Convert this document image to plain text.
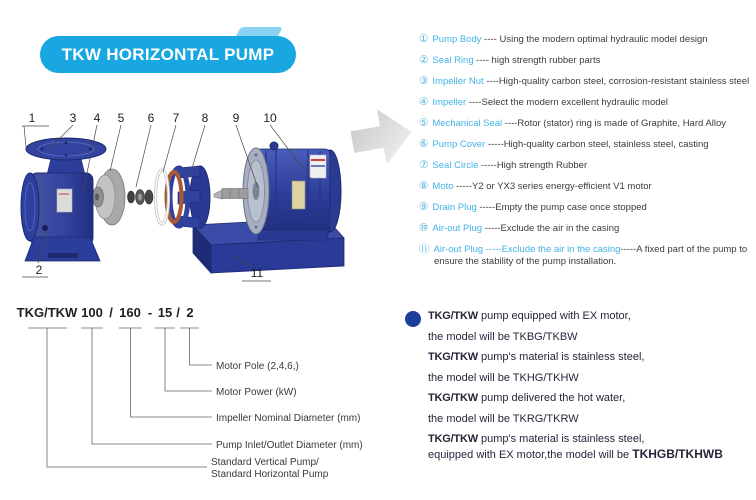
TKW HORIZONTAL PUMP
1	3 4 5 6 7 8 9 10
2	11
① Pump Body ---- Using the modern optimal hydraulic model design
② Seal Ring ---- high strength rubber parts
③ Impeller Nut ----High-quality carbon steel, corrosion-resistant stainless steel
④ Impeller ----Select the modern excellent hydraulic model
⑤ Mechanical Seal ----Rotor (stator) ring is made of Graphite, Hard Alloy
⑥ Pump Cover -----High-quality carbon steel, stainless steel, casting
⑦ Seal Circle -----High strength Rubber
⑧ Moto -----Y2 or YX3 series energy-efficient V1 motor
⑨ Drain Plug -----Empty the pump case once stopped
⑩ Air-out Plug -----Exclude the air in the casing
⑪ Air-out Plug -----Exclude the air in the casing-----A fixed part of the pump to
ensure the stability of the pump installation.
TKG/TKW 100 / 160 - 15 / 2
Motor Pole (2,4,6,)
Motor Power (kW)
Impeller Nominal Diameter (mm)
Pump Inlet/Outlet Diameter (mm)
Standard Vertical Pump/
Standard Horizontal Pump
TKG/TKW pump equipped with EX motor,
the model will be TKBG/TKBW
TKG/TKW pump's material is stainless steel,
the model will be TKHG/TKHW
TKG/TKW pump delivered the hot water,
the model will be TKRG/TKRW
TKG/TKW pump's material is stainless steel,
equipped with EX motor,the model will be TKHGB/TKHWB
